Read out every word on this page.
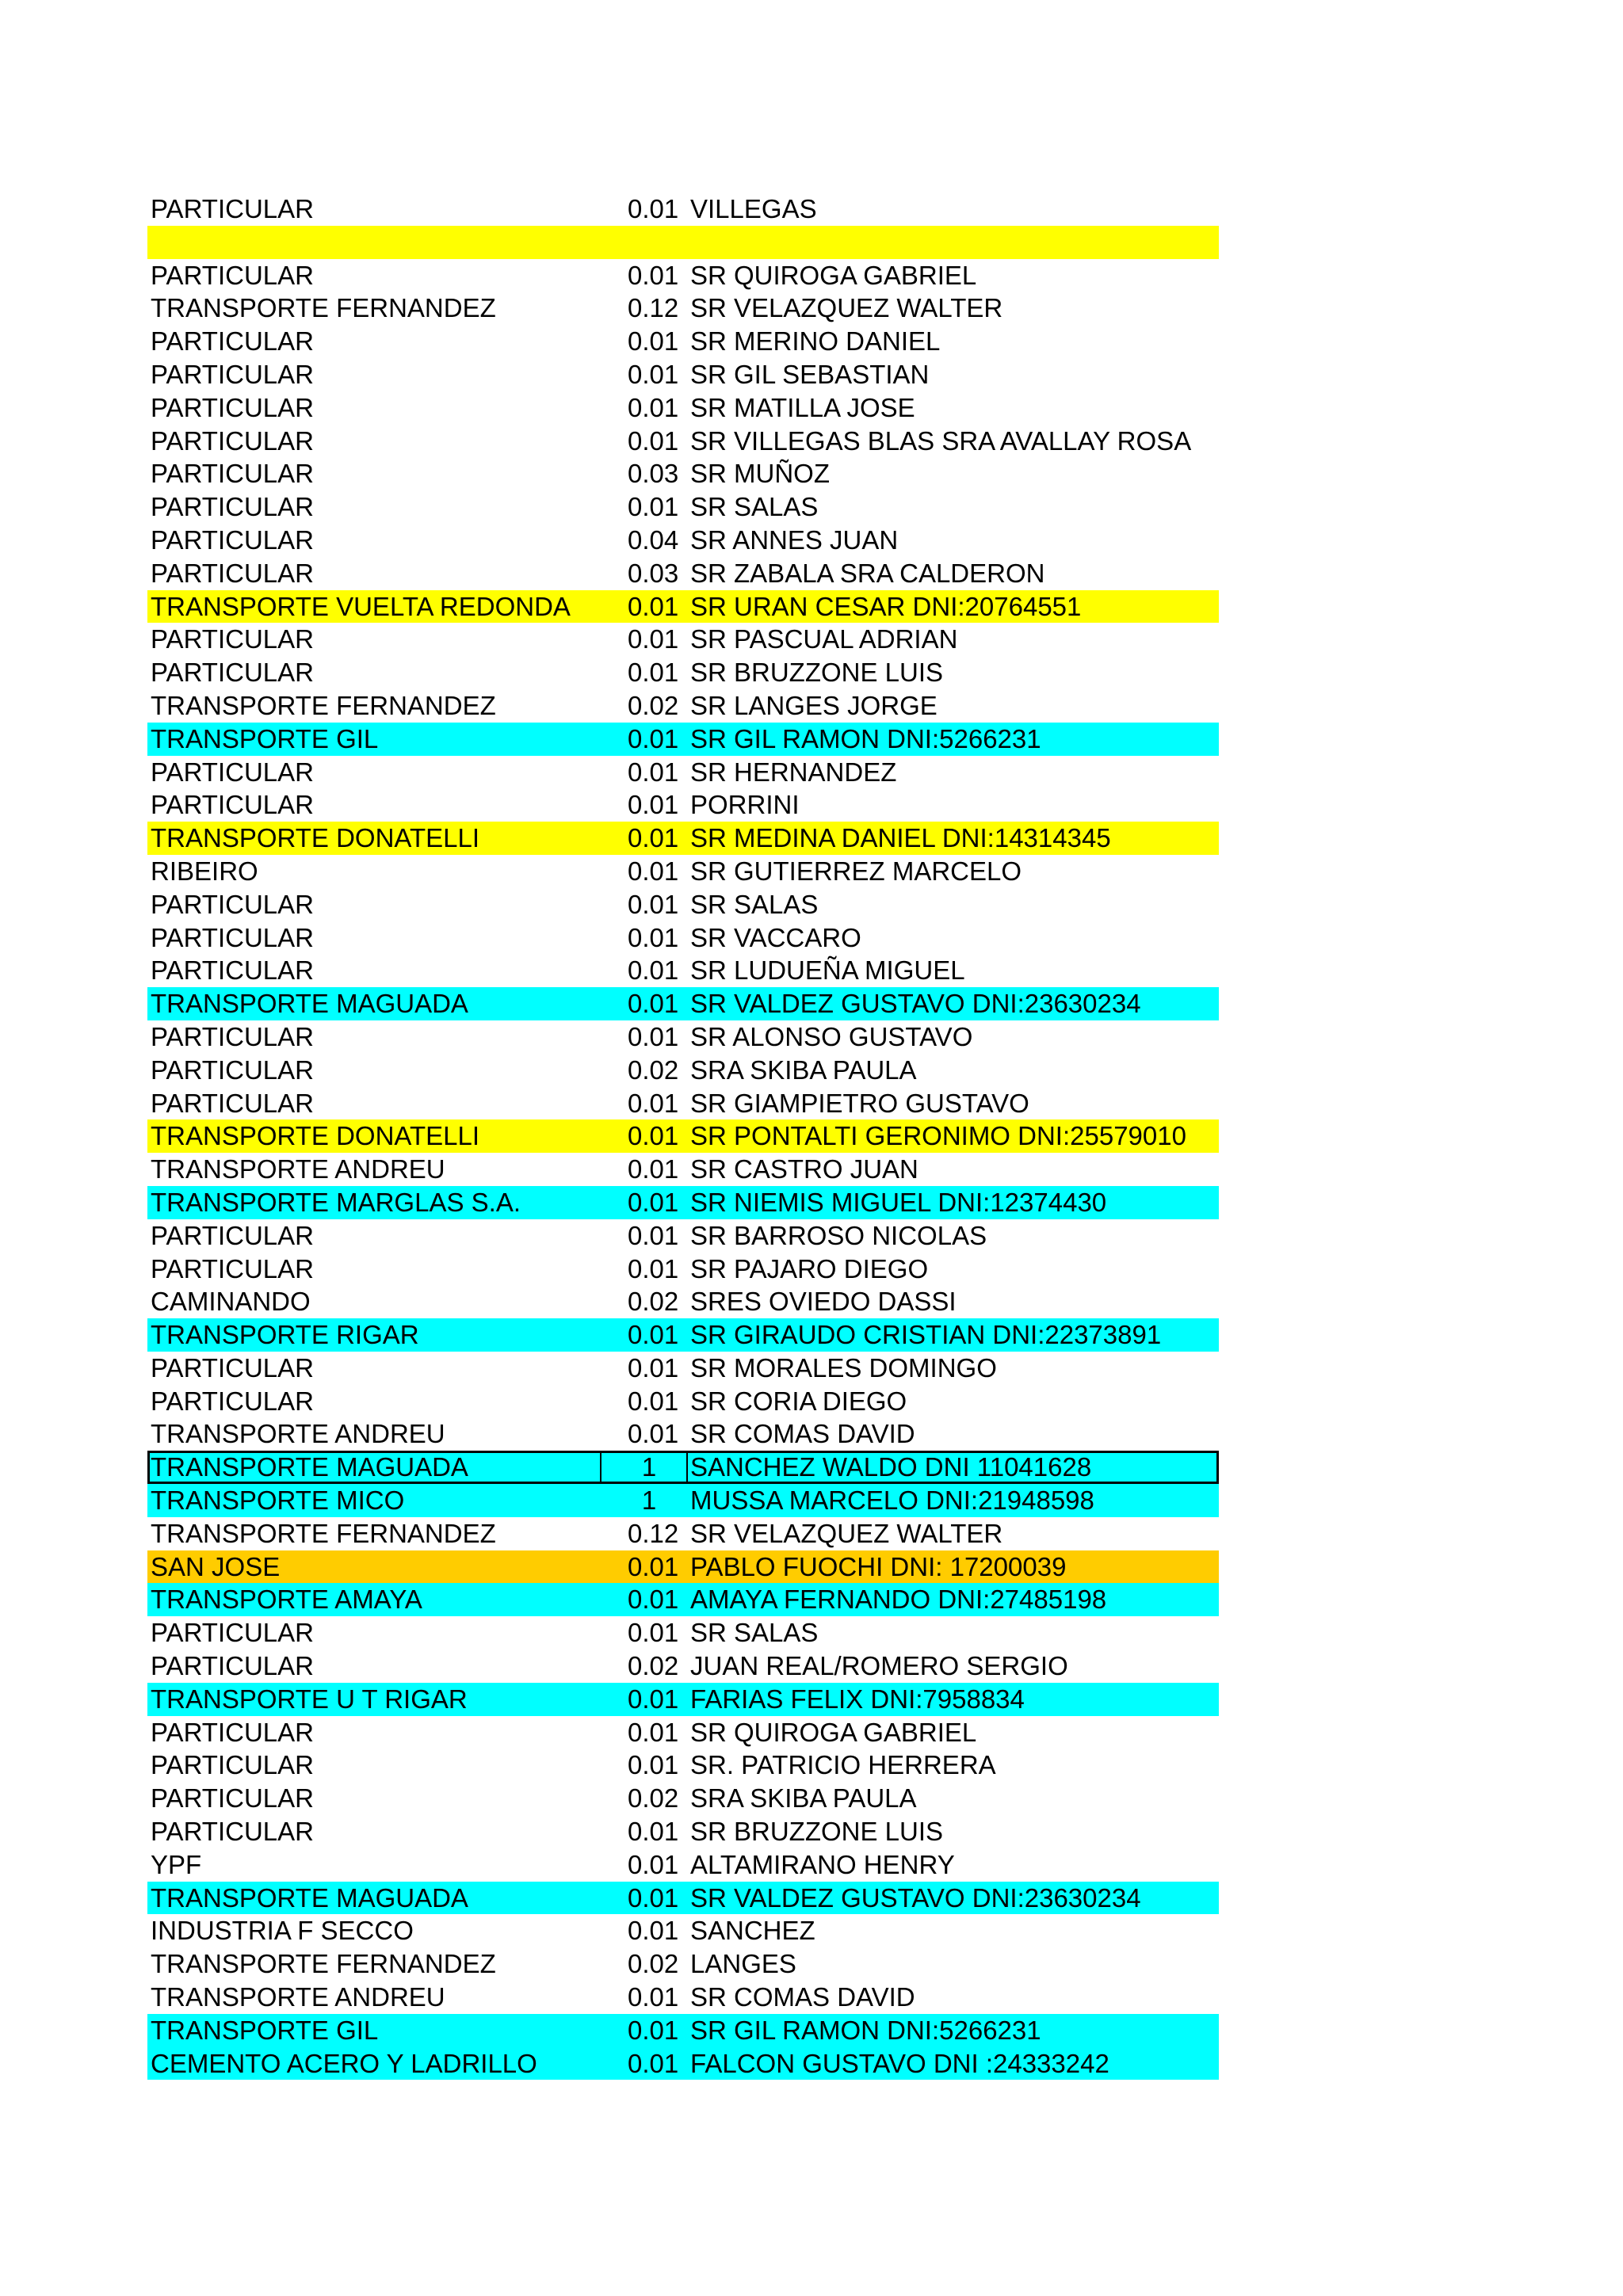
PARTICULAR	0.01 VILLEGAS
PARTICULAR	0.01 SR QUIROGA GABRIEL
TRANSPORTE FERNANDEZ	0.12 SR VELAZQUEZ WALTER
PARTICULAR	0.01 SR MERINO DANIEL
PARTICULAR	0.01 SR GIL SEBASTIAN
PARTICULAR	0.01 SR MATILLA JOSE
PARTICULAR	0.01 SR VILLEGAS BLAS SRA AVALLAY ROSA
PARTICULAR	0.03 SR MUÑOZ
PARTICULAR	0.01 SR SALAS
PARTICULAR	0.04 SR ANNES JUAN
PARTICULAR	0.03 SR ZABALA SRA CALDERON
TRANSPORTE VUELTA REDONDA	0.01 SR URAN CESAR DNI:20764551
PARTICULAR	0.01 SR PASCUAL ADRIAN
PARTICULAR	0.01 SR BRUZZONE LUIS
TRANSPORTE FERNANDEZ	0.02 SR LANGES JORGE
TRANSPORTE GIL	0.01 SR GIL RAMON DNI:5266231
PARTICULAR	0.01 SR HERNANDEZ
PARTICULAR	0.01 PORRINI
TRANSPORTE DONATELLI	0.01 SR MEDINA DANIEL DNI:14314345
RIBEIRO	0.01 SR GUTIERREZ MARCELO
PARTICULAR	0.01 SR SALAS
PARTICULAR	0.01 SR VACCARO
PARTICULAR	0.01 SR LUDUEÑA MIGUEL
TRANSPORTE MAGUADA	0.01 SR VALDEZ GUSTAVO DNI:23630234
PARTICULAR	0.01 SR ALONSO GUSTAVO
PARTICULAR	0.02 SRA SKIBA PAULA
PARTICULAR	0.01 SR GIAMPIETRO GUSTAVO
TRANSPORTE DONATELLI	0.01 SR PONTALTI GERONIMO DNI:25579010
TRANSPORTE ANDREU	0.01 SR CASTRO JUAN
TRANSPORTE MARGLAS S.A.	0.01 SR NIEMIS MIGUEL DNI:12374430
PARTICULAR	0.01 SR BARROSO NICOLAS
PARTICULAR	0.01 SR PAJARO DIEGO
CAMINANDO	0.02 SRES OVIEDO DASSI
TRANSPORTE RIGAR	0.01 SR GIRAUDO CRISTIAN DNI:22373891
PARTICULAR	0.01 SR MORALES DOMINGO
PARTICULAR	0.01 SR CORIA DIEGO
TRANSPORTE ANDREU	0.01 SR COMAS DAVID
TRANSPORTE MAGUADA	1	SANCHEZ WALDO DNI 11041628
TRANSPORTE MICO	1	MUSSA MARCELO DNI:21948598
TRANSPORTE FERNANDEZ	0.12 SR VELAZQUEZ WALTER
SAN JOSE	0.01 PABLO FUOCHI DNI: 17200039
TRANSPORTE AMAYA	0.01 AMAYA FERNANDO DNI:27485198
PARTICULAR	0.01 SR SALAS
PARTICULAR	0.02 JUAN REAL/ROMERO SERGIO
TRANSPORTE U T RIGAR	0.01 FARIAS FELIX DNI:7958834
PARTICULAR	0.01 SR QUIROGA GABRIEL
PARTICULAR	0.01 SR. PATRICIO HERRERA
PARTICULAR	0.02 SRA SKIBA PAULA
PARTICULAR	0.01 SR BRUZZONE LUIS
YPF	0.01 ALTAMIRANO HENRY
TRANSPORTE MAGUADA	0.01 SR VALDEZ GUSTAVO DNI:23630234
INDUSTRIA F SECCO	0.01 SANCHEZ
TRANSPORTE FERNANDEZ	0.02 LANGES
TRANSPORTE ANDREU	0.01 SR COMAS DAVID
TRANSPORTE GIL	0.01 SR GIL RAMON DNI:5266231
CEMENTO ACERO Y LADRILLO	0.01 FALCON GUSTAVO DNI :24333242
